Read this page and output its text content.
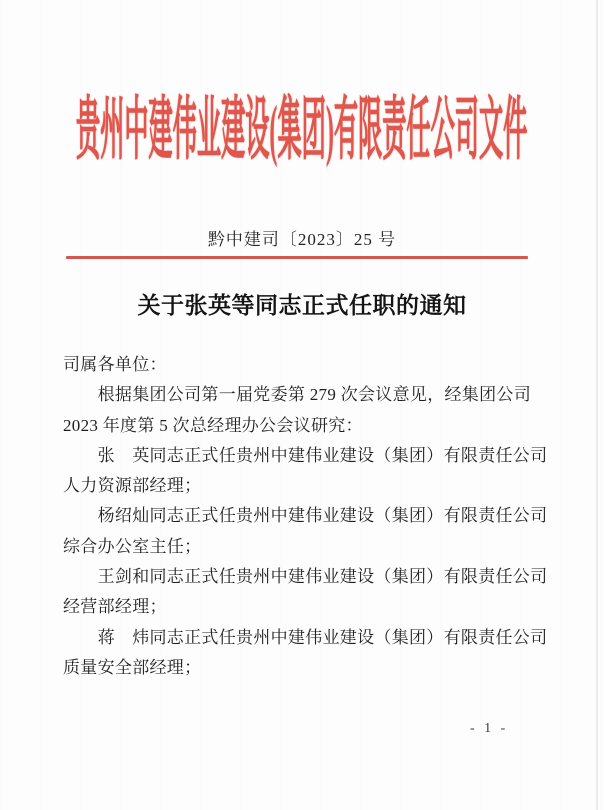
贵州中建伟业建设(集团)有限责任公司文件
黔中建司〔2023〕25 号
关于张英等同志正式任职的通知
司属各单位：
　　根据集团公司第一届党委第 279 次会议意见，经集团公司
2023 年度第 5 次总经理办公会议研究：
　　张　英同志正式任贵州中建伟业建设（集团）有限责任公司
人力资源部经理；
　　杨绍灿同志正式任贵州中建伟业建设（集团）有限责任公司
综合办公室主任；
　　王剑和同志正式任贵州中建伟业建设（集团）有限责任公司
经营部经理；
　　蒋　炜同志正式任贵州中建伟业建设（集团）有限责任公司
质量安全部经理；
- 1 -
